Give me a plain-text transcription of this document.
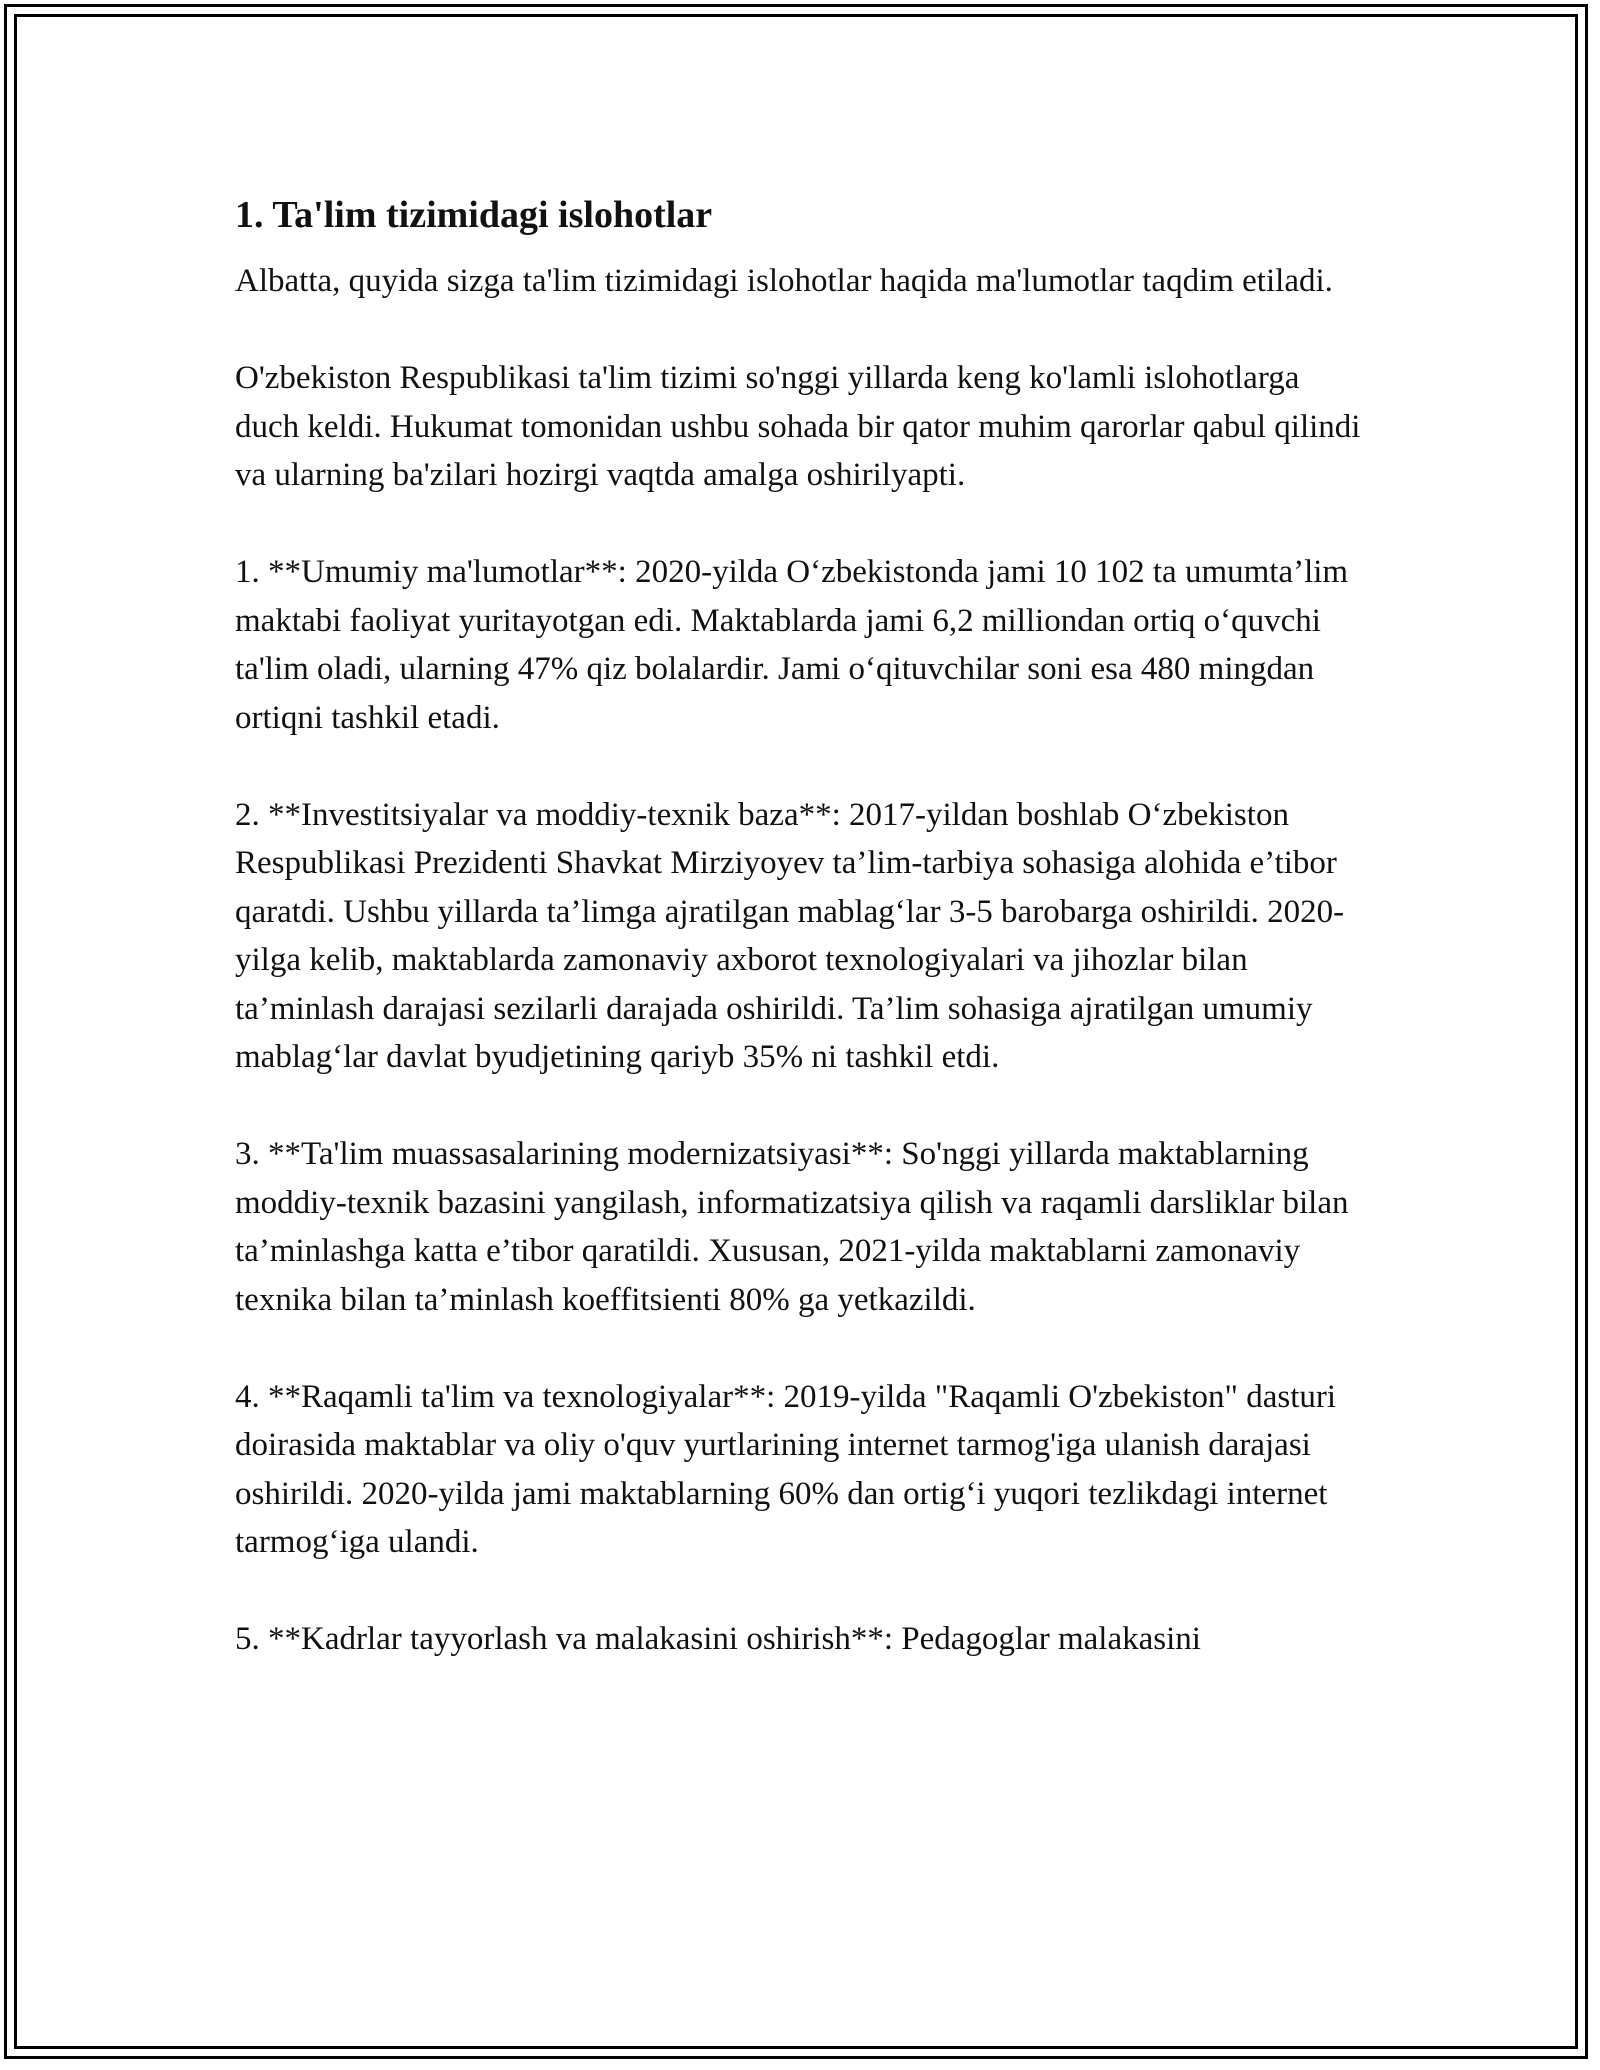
1. Ta'lim tizimidagi islohotlar

Albatta, quyida sizga ta'lim tizimidagi islohotlar haqida ma'lumotlar taqdim etiladi.

O'zbekiston Respublikasi ta'lim tizimi so'nggi yillarda keng ko'lamli islohotlarga duch keldi. Hukumat tomonidan ushbu sohada bir qator muhim qarorlar qabul qilindi va ularning ba'zilari hozirgi vaqtda amalga oshirilyapti.

1. **Umumiy ma'lumotlar**: 2020-yilda O‘zbekistonda jami 10 102 ta umumta’lim maktabi faoliyat yuritayotgan edi. Maktablarda jami 6,2 milliondan ortiq o‘quvchi ta'lim oladi, ularning 47% qiz bolalardir. Jami o‘qituvchilar soni esa 480 mingdan ortiqni tashkil etadi.

2. **Investitsiyalar va moddiy-texnik baza**: 2017-yildan boshlab O‘zbekiston Respublikasi Prezidenti Shavkat Mirziyoyev ta’lim-tarbiya sohasiga alohida e’tibor qaratdi. Ushbu yillarda ta’limga ajratilgan mablag‘lar 3-5 barobarga oshirildi. 2020-yilga kelib, maktablarda zamonaviy axborot texnologiyalari va jihozlar bilan ta’minlash darajasi sezilarli darajada oshirildi. Ta’lim sohasiga ajratilgan umumiy mablag‘lar davlat byudjetining qariyb 35% ni tashkil etdi.

3. **Ta'lim muassasalarining modernizatsiyasi**: So'nggi yillarda maktablarning moddiy-texnik bazasini yangilash, informatizatsiya qilish va raqamli darsliklar bilan ta’minlashga katta e’tibor qaratildi. Xususan, 2021-yilda maktablarni zamonaviy texnika bilan ta’minlash koeffitsienti 80% ga yetkazildi.

4. **Raqamli ta'lim va texnologiyalar**: 2019-yilda "Raqamli O'zbekiston" dasturi doirasida maktablar va oliy o'quv yurtlarining internet tarmog'iga ulanish darajasi oshirildi. 2020-yilda jami maktablarning 60% dan ortig‘i yuqori tezlikdagi internet tarmog‘iga ulandi.

5. **Kadrlar tayyorlash va malakasini oshirish**: Pedagoglar malakasini
